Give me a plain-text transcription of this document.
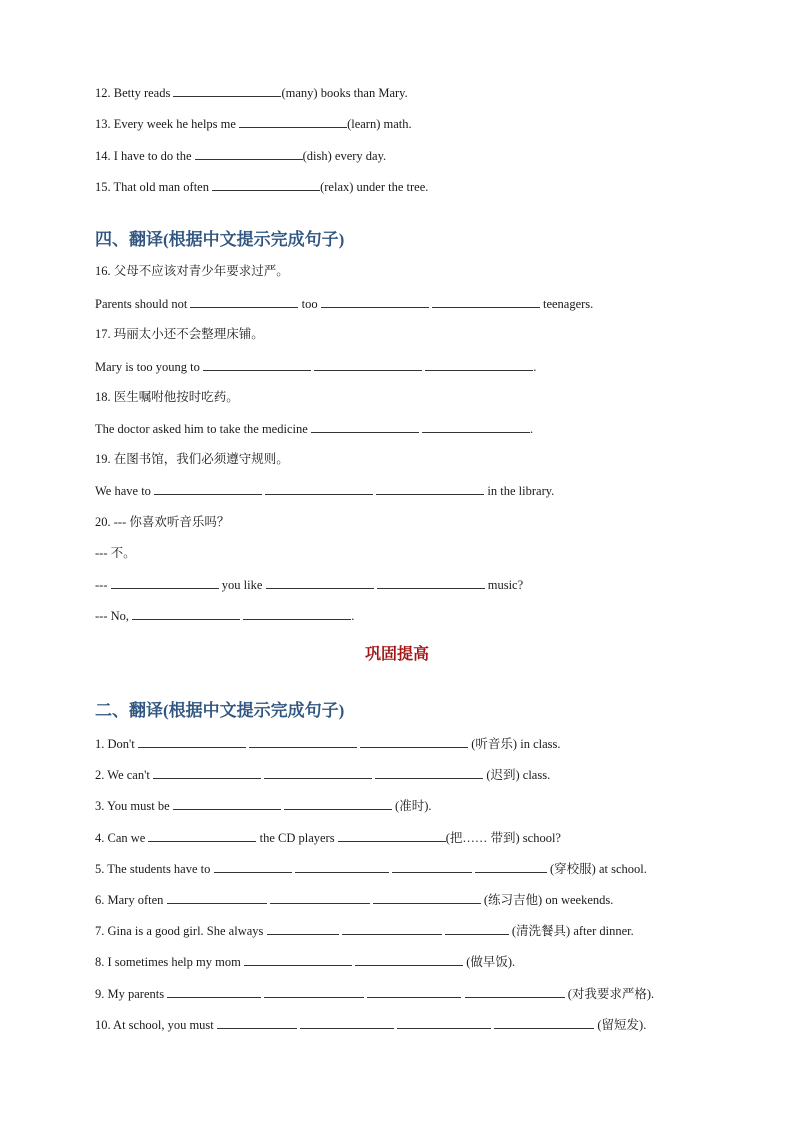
12. Betty reads	(many) books than Mary.
13. Every week he helps me	(learn) math.
14. I have to do the	(dish) every day.
15. That old man often	(relax) under the tree.
四、翻译(根据中文提示完成句子)
16. 父母不应该对青少年要求过严。
Parents should not	too	teenagers.
17. 玛丽太小还不会整理床铺。
Mary is too young to	.
18. 医生嘱咐他按时吃药。
The doctor asked him to take the medicine	.
19. 在图书馆，我们必须遵守规则。
We have to	in the library.
20. --- 你喜欢听音乐吗？
--- 不。
---	you like	music?
--- No,	.
巩固提高
二、翻译(根据中文提示完成句子)
1. Don't	(听音乐) in class.
2. We can't	(迟到) class.
3. You must be	(准时).
4. Can we	the CD players	(把…… 带到) school?
5. The students have to	(穿校服) at school.
6. Mary often	(练习吉他) on weekends.
7. Gina is a good girl. She always	(清洗餐具) after dinner.
8. I sometimes help my mom	(做早饭).
9. My parents	(对我要求严格).
10. At school, you must	(留短发).
